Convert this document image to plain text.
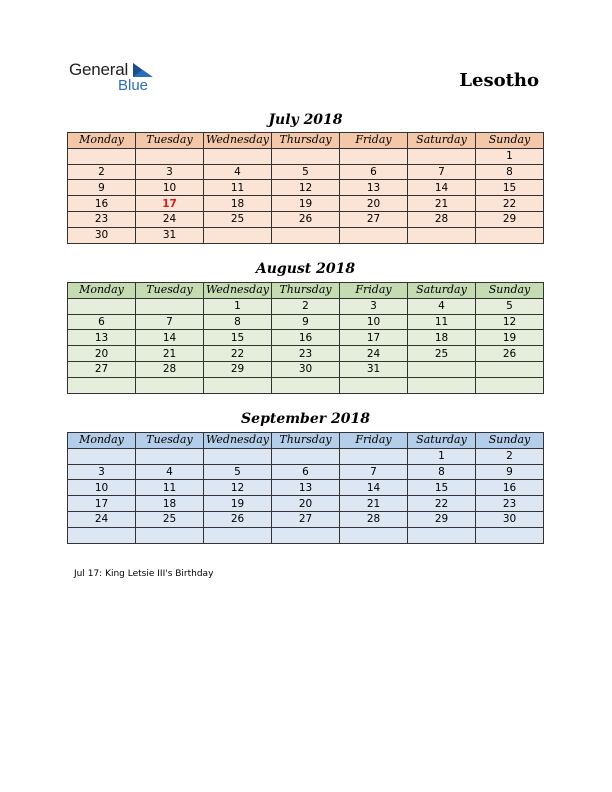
General
Blue	Lesotho
July 2018
Monday	Tuesday	Wednesday	Thursday	Friday	Saturday	Sunday
						1
2	3	4	5	6	7	8
9	10	11	12	13	14	15
16	17	18	19	20	21	22
23	24	25	26	27	28	29
30	31					
August 2018
Monday	Tuesday	Wednesday	Thursday	Friday	Saturday	Sunday
		1	2	3	4	5
6	7	8	9	10	11	12
13	14	15	16	17	18	19
20	21	22	23	24	25	26
27	28	29	30	31		

September 2018
Monday	Tuesday	Wednesday	Thursday	Friday	Saturday	Sunday
					1	2
3	4	5	6	7	8	9
10	11	12	13	14	15	16
17	18	19	20	21	22	23
24	25	26	27	28	29	30

Jul 17: King Letsie III's Birthday
